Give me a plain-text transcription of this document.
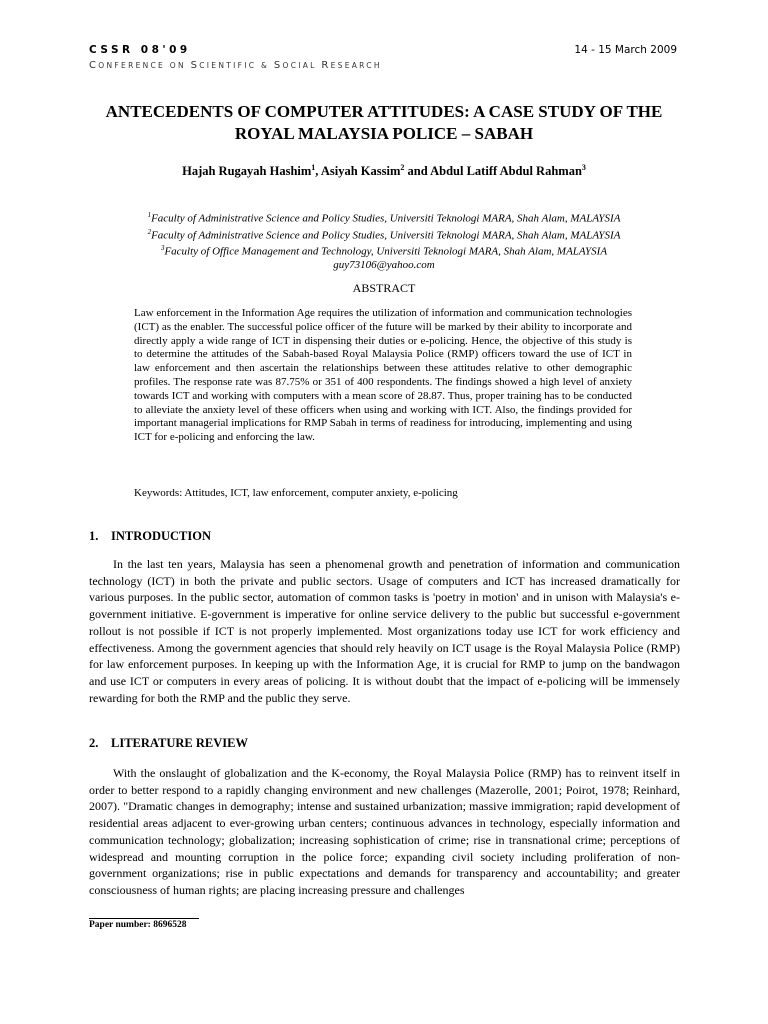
CSSR 08'09
CONFERENCE ON SCIENTIFIC & SOCIAL RESEARCH
14 - 15 March 2009
ANTECEDENTS OF COMPUTER ATTITUDES: A CASE STUDY OF THE
ROYAL MALAYSIA POLICE – SABAH
Hajah Rugayah Hashim$^1$, Asiyah Kassim$^2$ and Abdul Latiff Abdul Rahman$^3$
$^1$Faculty of Administrative Science and Policy Studies, Universiti Teknologi MARA, Shah Alam, MALAYSIA
$^2$Faculty of Administrative Science and Policy Studies, Universiti Teknologi MARA, Shah Alam, MALAYSIA
$^3$Faculty of Office Management and Technology, Universiti Teknologi MARA, Shah Alam, MALAYSIA
guy73106@yahoo.com
ABSTRACT

Law enforcement in the Information Age requires the utilization of information and communication technologies (ICT) as the enabler. The successful police officer of the future will be marked by their ability to incorporate and directly apply a wide range of ICT in dispensing their duties or e-policing. Hence, the objective of this study is to determine the attitudes of the Sabah-based Royal Malaysia Police (RMP) officers toward the use of ICT in law enforcement and then ascertain the relationships between these attitudes relative to other demographic profiles. The response rate was 87.75% or 351 of 400 respondents. The findings showed a high level of anxiety towards ICT and working with computers with a mean score of 28.87. Thus, proper training has to be conducted to alleviate the anxiety level of these officers when using and working with ICT. Also, the findings provided for important managerial implications for RMP Sabah in terms of readiness for introducing, implementing and using ICT for e-policing and enforcing the law.

Keywords: Attitudes, ICT, law enforcement, computer anxiety, e-policing

1. INTRODUCTION

In the last ten years, Malaysia has seen a phenomenal growth and penetration of information and communication technology (ICT) in both the private and public sectors. Usage of computers and ICT has increased dramatically for various purposes. In the public sector, automation of common tasks is 'poetry in motion' and in unison with Malaysia's e-government initiative. E-government is imperative for online service delivery to the public but successful e-government rollout is not possible if ICT is not properly implemented. Most organizations today use ICT for work efficiency and effectiveness. Among the government agencies that should rely heavily on ICT usage is the Royal Malaysia Police (RMP) for law enforcement purposes. In keeping up with the Information Age, it is crucial for RMP to jump on the bandwagon and use ICT or computers in every areas of policing. It is without doubt that the impact of e-policing will be immensely rewarding for both the RMP and the public they serve.

2. LITERATURE REVIEW

With the onslaught of globalization and the K-economy, the Royal Malaysia Police (RMP) has to reinvent itself in order to better respond to a rapidly changing environment and new challenges (Mazerolle, 2001; Poirot, 1978; Reinhard, 2007). "Dramatic changes in demography; intense and sustained urbanization; massive immigration; rapid development of residential areas adjacent to ever-growing urban centers; continuous advances in technology, especially information and communication technology; globalization; increasing sophistication of crime; rise in transnational crime; perceptions of widespread and mounting corruption in the police force; expanding civil society including proliferation of non-government organizations; rise in public expectations and demands for transparency and accountability; and greater consciousness of human rights; are placing increasing pressure and challenges

Paper number: 8696528
